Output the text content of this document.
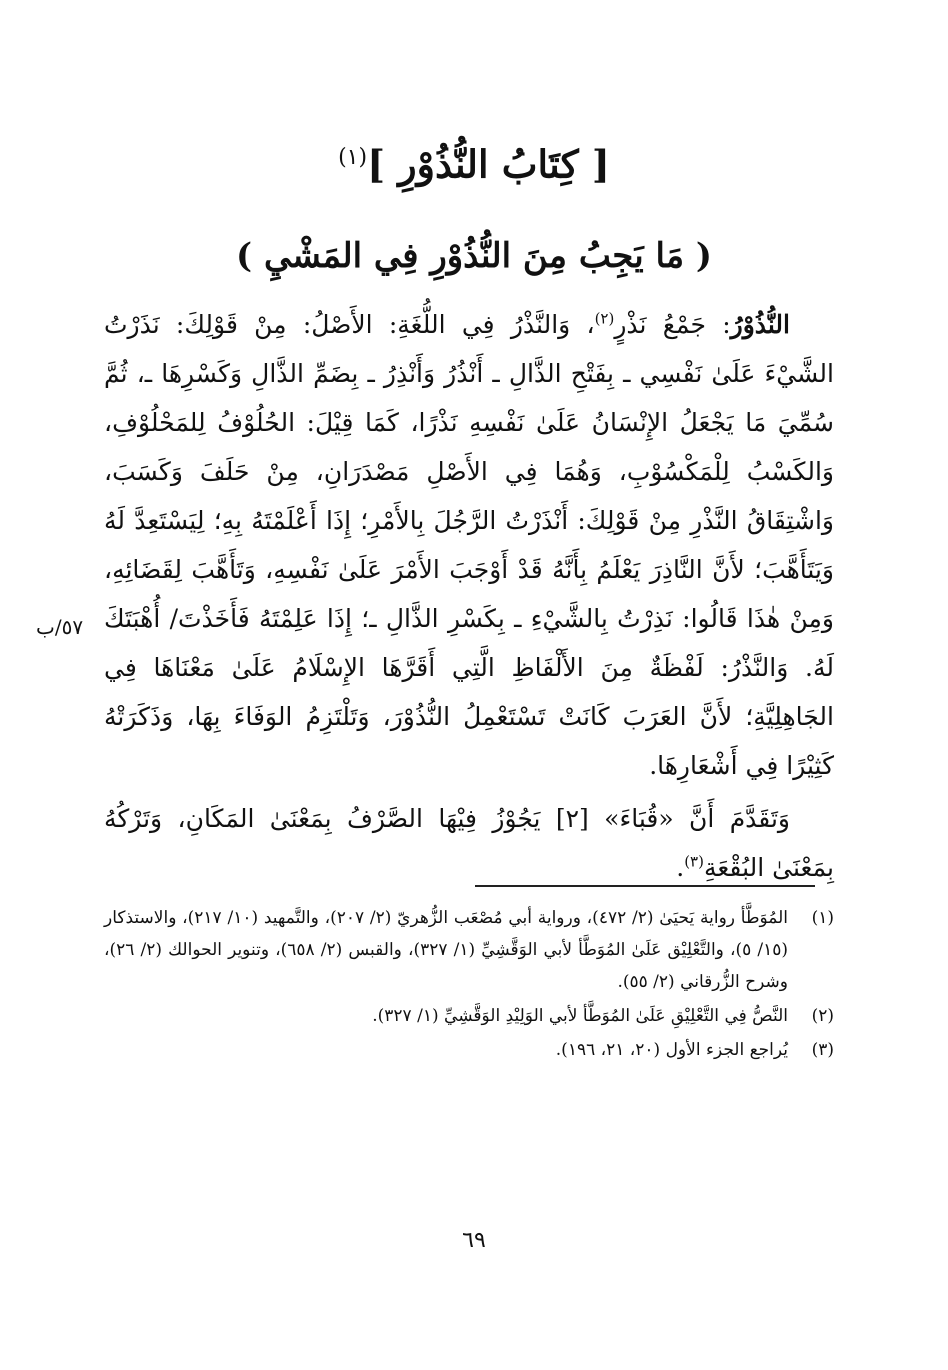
[ كِتَابُ النُّذُوْرِ ]$^{(١)}$
( مَا يَجِبُ مِنَ النُّذُوْرِ فِي المَشْيِ )

النُّذُوْرُ: جَمْعُ نَذْرٍ$^{(٢)}$، وَالنَّذْرُ فِي اللُّغَةِ: الأَصْلُ: مِنْ قَوْلِكَ: نَذَرْتُ الشَّيْءَ عَلَىٰ نَفْسِي ـ بِفَتْحِ الذَّالِ ـ أَنْذُرُ وَأَنْذِرُ ـ بِضَمِّ الذَّالِ وَكَسْرِهَا ـ، ثُمَّ سُمِّيَ مَا يَجْعَلُ الإِنْسَانُ عَلَىٰ نَفْسِهِ نَذْرًا، كَمَا قِيْلَ: الحُلُوْفُ لِلمَحْلُوْفِ، وَالكَسْبُ لِلْمَكْسُوْبِ، وَهُمَا فِي الأَصْلِ مَصْدَرَانِ، مِنْ حَلَفَ وَكَسَبَ، وَاشْتِقَاقُ النَّذْرِ مِنْ قَوْلِكَ: أَنْذَرْتُ الرَّجُلَ بِالأَمْرِ؛ إِذَا أَعْلَمْتَهُ بِهِ؛ لِيَسْتَعِدَّ لَهُ وَيَتَأَهَّبَ؛ لأَنَّ النَّاذِرَ يَعْلَمُ بِأَنَّهُ قَدْ أَوْجَبَ الأَمْرَ عَلَىٰ نَفْسِهِ، وَتَأَهَّبَ لِقَضَائِهِ، وَمِنْ هٰذَا قَالُوا: نَذِرْتُ بِالشَّيْءِ ـ بِكَسْرِ الذَّالِ ـ؛ إِذَا عَلِمْتَهُ فَأَخَذْتَ/ أُهْبَتَكَ لَهُ. وَالنَّذْرُ: لَفْظَةٌ مِنَ الأَلْفَاظِ الَّتِي أَقَرَّهَا الإِسْلَامُ عَلَىٰ مَعْنَاهَا فِي الجَاهِلِيَّةِ؛ لأَنَّ العَرَبَ كَانَتْ تَسْتَعْمِلُ النُّذُوْرَ، وَتَلْتَزِمُ الوَفَاءَ بِهَا، وَذَكَرَتْهُ كَثِيْرًا فِي أَشْعَارِهَا.

وَتَقَدَّمَ أَنَّ «قُبَاءَ» [٢] يَجُوْزُ فِيْهَا الصَّرْفُ بِمَعْنَىٰ المَكَانِ، وَتَرْكُهُ بِمَعْنَىٰ البُقْعَةِ$^{(٣)}$.

٥٧/ب
(١)
المُوَطَّأ رواية يَحيَىٰ (٢/ ٤٧٢)، ورواية أبي مُصْعَب الزُّهريّ (٢/ ٢٠٧)، والتَّمهيد (١٠/ ٢١٧)، والاستذكار (١٥/ ٥)، والتَّعْلِيْق عَلَىٰ المُوَطَّأ لأبي الوَقَّشِيِّ (١/ ٣٢٧)، والقبس (٢/ ٦٥٨)، وتنوير الحوالك (٢/ ٢٦)، وشرح الزُّرقاني (٢/ ٥٥).
(٢)
النَّصُّ فِي التَّعْلِيْقِ عَلَىٰ المُوَطَّأ لأبي الوَلِيْدِ الوَقَّشِيِّ (١/ ٣٢٧).
(٣)
يُراجع الجزء الأول (٢٠، ٢١، ١٩٦).
٦٩
